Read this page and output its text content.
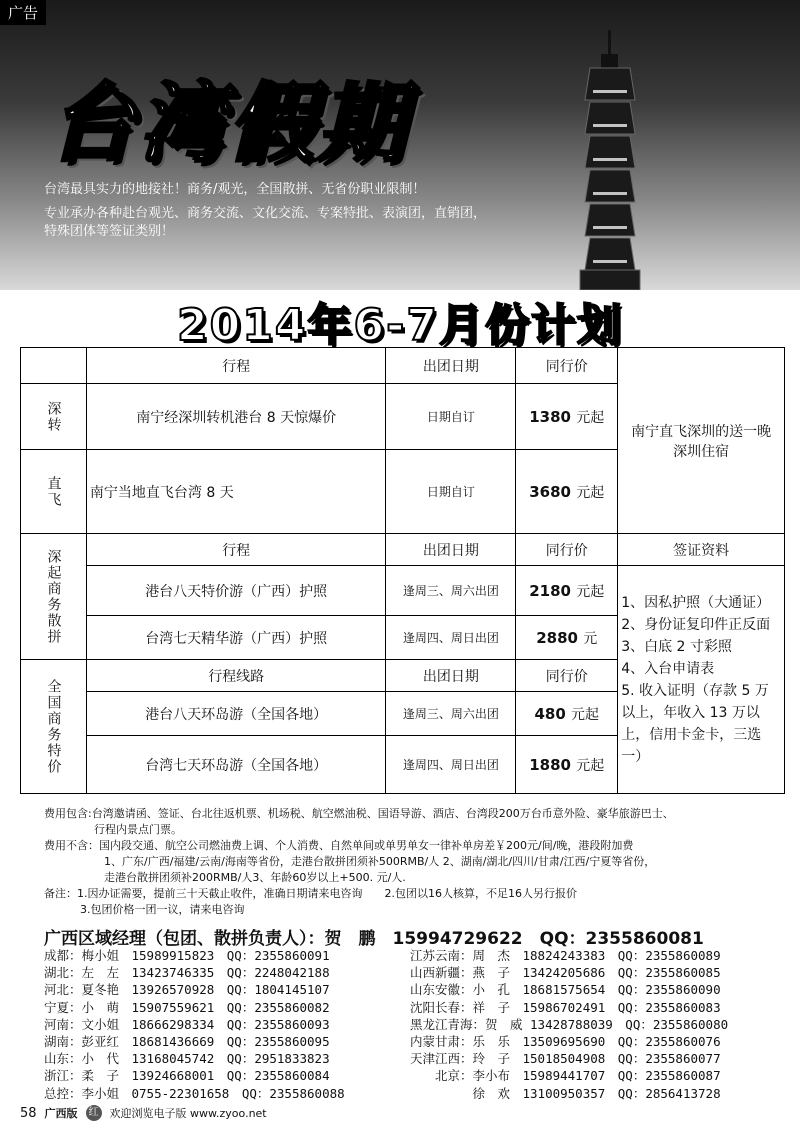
台湾假期
台湾最具实力的地接社！商务/观光，全国散拼、无省份职业限制！
专业承办各种赴台观光、商务交流、文化交流、专案特批、表演团，直销团，
特殊团体等签证类别！
广告
2014年6-7月份计划
	行程	出团日期	同行价	南宁直飞深圳的送一晚深圳住宿

深转	南宁经深圳转机港台 8 天惊爆价	日期自订	1380 元起	

直飞	南宁当地直飞台湾 8 天	日期自订	3680 元起	

深起商务散拼	行程	出团日期	同行价	签证资料
	港台八天特价游（广西）护照	逢周三、周六出团	2180 元起	1、因私护照（大通证）
2、身份证复印件正反面
3、白底 2 寸彩照
4、入台申请表
5. 收入证明（存款 5 万以上，年收入 13 万以上，信用卡金卡，三选一）

	台湾七天精华游（广西）护照	逢周四、周日出团	2880 元	

全国商务特价	行程线路	出团日期	同行价	
	港台八天环岛游（全国各地）	逢周三、周六出团	480 元起	
	台湾七天环岛游（全国各地）	逢周四、周日出团	1880 元起	
费用包含:台湾邀请函、签证、台北往返机票、机场税、航空燃油税、国语导游、酒店、台湾段200万台币意外险、豪华旅游巴士、
行程内景点门票。
费用不含：国内段交通、航空公司燃油费上调、个人消费、自然单间或单男单女一律补单房差￥200元/间/晚，港段附加费
1、广东/广西/福建/云南/海南等省份，走港台散拼团须补500RMB/人 2、湖南/湖北/四川/甘肃/江西/宁夏等省份，
走港台散拼团须补200RMB/人3、年龄60岁以上+500. 元/人.
备注：1.因办证需要，提前三十天截止收件，准确日期请来电咨询　　2.包团以16人核算，不足16人另行报价
3.包团价格一团一议，请来电咨询
广西区域经理（包团、散拼负责人）：贺　鹏　15994729622　QQ：2355860081
成都：梅小姐　15989915823　QQ：2355860091
湖北：左　左　13423746335　QQ：2248042188
河北：夏冬艳　13926570928　QQ：1804145107
宁夏：小　萌　15907559621　QQ：2355860082
河南：文小姐　18666298334　QQ：2355860093
湖南：彭亚红　18681436669　QQ：2355860095
山东：小　代　13168045742　QQ：2951833823
浙江：柔　子　13924668001　QQ：2355860084
总控：李小姐　0755-22301658　QQ：2355860088
江苏云南：周　杰　18824243383　QQ：2355860089
山西新疆：燕　子　13424205686　QQ：2355860085
山东安徽：小　孔　18681575654　QQ：2355860090
沈阳长春：祥　子　15986702491　QQ：2355860083
黑龙江青海：贺　威 13428788039　QQ：2355860080
内蒙甘肃：乐　乐　13509695690　QQ：2355860076
天津江西：玲　子　15018504908　QQ：2355860077
　　北京：李小布　15989441707　QQ：2355860087
　　　　　徐　欢　13100950357　QQ：2856413728
58 广西版	红 欢迎浏览电子版 www.zyoo.net
